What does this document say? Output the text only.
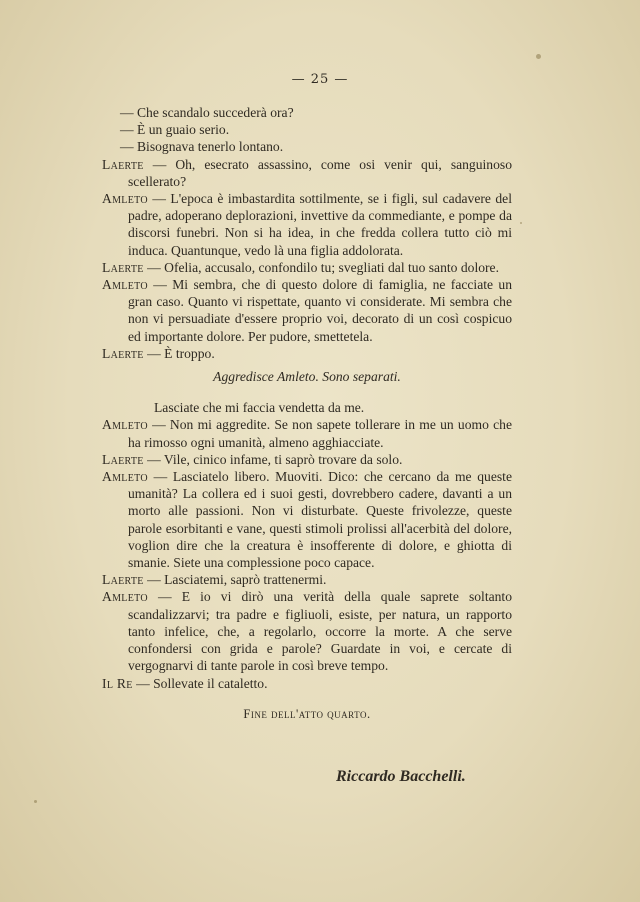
— 25 —

— Che scandalo succederà ora?

— È un guaio serio.

— Bisognava tenerlo lontano.

Laerte — Oh, esecrato assassino, come osi venir qui, sanguinoso scellerato?

Amleto — L'epoca è imbastardita sottilmente, se i figli, sul cadavere del padre, adoperano deplorazioni, invettive da commediante, e pompe da discorsi funebri. Non si ha idea, in che fredda collera tutto ciò mi induca. Quantunque, vedo là una figlia addolorata.

Laerte — Ofelia, accusalo, confondilo tu; svegliati dal tuo santo dolore.

Amleto — Mi sembra, che di questo dolore di famiglia, ne facciate un gran caso. Quanto vi rispettate, quanto vi considerate. Mi sembra che non vi persuadiate d'essere proprio voi, decorato di un così cospicuo ed importante dolore. Per pudore, smettetela.

Laerte — È troppo.

Aggredisce Amleto. Sono separati.

Lasciate che mi faccia vendetta da me.

Amleto — Non mi aggredite. Se non sapete tollerare in me un uomo che ha rimosso ogni umanità, almeno agghiacciate.

Laerte — Vile, cinico infame, ti saprò trovare da solo.

Amleto — Lasciatelo libero. Muoviti. Dico: che cercano da me queste umanità? La collera ed i suoi gesti, dovrebbero cadere, davanti a un morto alle passioni. Non vi disturbate. Queste frivolezze, queste parole esorbitanti e vane, questi stimoli prolissi all'acerbità del dolore, voglion dire che la creatura è insofferente di dolore, e ghiotta di smanie. Siete una complessione poco capace.

Laerte — Lasciatemi, saprò trattenermi.

Amleto — E io vi dirò una verità della quale saprete soltanto scandalizzarvi; tra padre e figliuoli, esiste, per natura, un rapporto tanto infelice, che, a regolarlo, occorre la morte. A che serve confondersi con grida e parole? Guardate in voi, e cercate di vergognarvi di tante parole in così breve tempo.

Il Re — Sollevate il cataletto.

Fine dell'atto quarto.

Riccardo Bacchelli.
